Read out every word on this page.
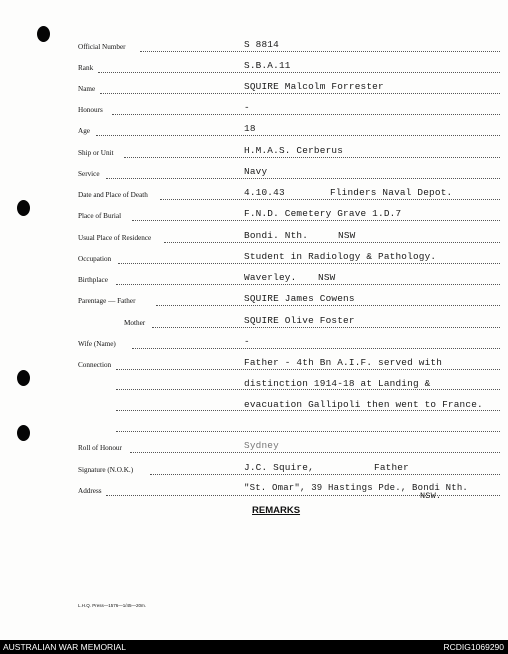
Official Number	S 8814
Rank	S.B.A.11
Name	SQUIRE Malcolm Forrester
Honours	-
Age	18
Ship or Unit	H.M.A.S. Cerberus
Service	Navy
Date and Place of Death	4.10.43	Flinders Naval Depot.
Place of Burial	F.N.D. Cemetery Grave 1.D.7
Usual Place of Residence	Bondi. Nth.	NSW
Occupation	Student in Radiology & Pathology.
Birthplace	Waverley. NSW
Parentage — Father	SQUIRE James Cowens
Mother	SQUIRE Olive Foster
Wife (Name)	-
Connection	Father - 4th Bn A.I.F. served with
distinction 1914-18 at Landing &
evacuation Gallipoli then went to France.
Roll of Honour	Sydney
Signature (N.O.K.)	J.C. Squire,	Father
Address	"St. Omar", 39 Hastings Pde., Bondi Nth.
NSW.
REMARKS
L.H.Q. Press—1576—1/45—20m.
AUSTRALIAN WAR MEMORIAL	RCDIG1069290
